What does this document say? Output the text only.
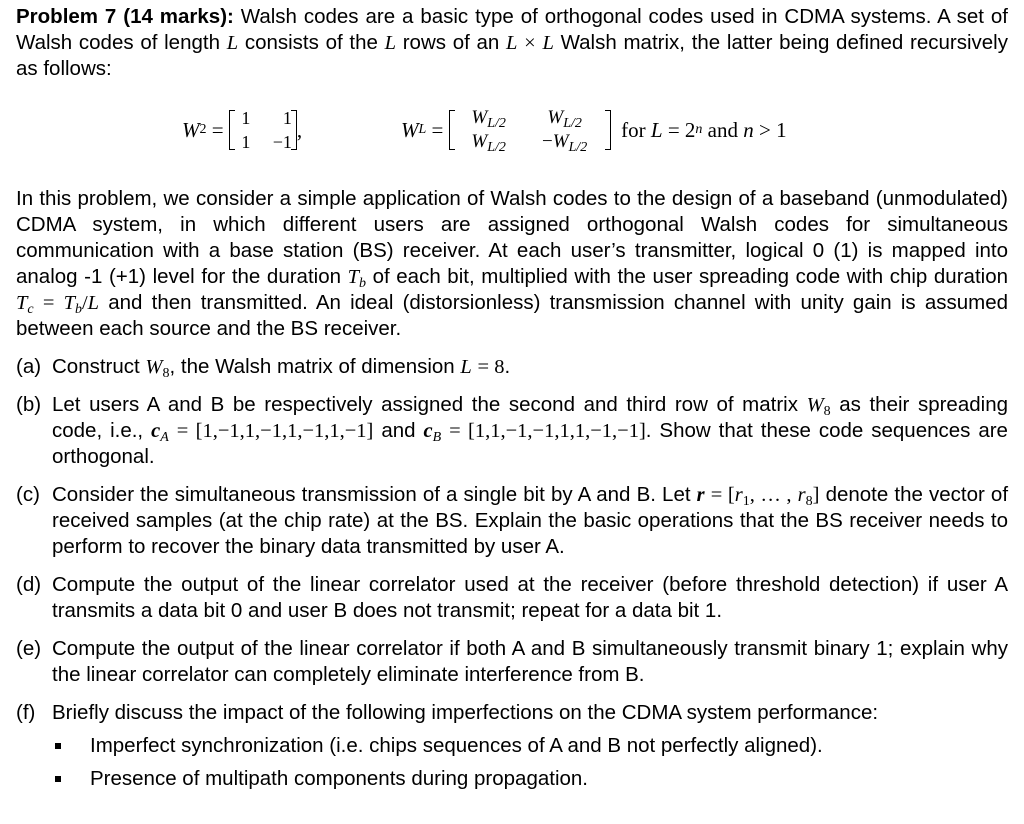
Problem 7 (14 marks): Walsh codes are a basic type of orthogonal codes used in CDMA systems. A set of Walsh codes of length L consists of the L rows of an L × L Walsh matrix, the latter being defined recursively as follows:

W 2 = 1 1
1 −1 ,	W L =
$W_{L/2}$ $W_{L/2}$
$W_{L/2} -W_{L/2}$
for L = 2 n and n > 1

In this problem, we consider a simple application of Walsh codes to the design of a baseband (unmodulated) CDMA system, in which different users are assigned orthogonal Walsh codes for simultaneous communication with a base station (BS) receiver. At each user’s transmitter, logical 0 (1) is mapped into analog -1 (+1) level for the duration $T_b$ of each bit, multiplied with the user spreading code with chip duration $T_c = T_b/L$ and then transmitted. An ideal (distorsionless) transmission channel with unity gain is assumed between each source and the BS receiver.

(a) Construct $W_8$, the Walsh matrix of dimension L = 8.
(b) Let users A and B be respectively assigned the second and third row of matrix $W_8$ as their spreading code, i.e., $c_A = [1,-1,1,-1,1,-1,1,-1]$ and $c_B = [1,1,-1,-1,1,1,-1,-1]$. Show that these code sequences are orthogonal.
(c) Consider the simultaneous transmission of a single bit by A and B. Let $r = [r_1$, … , $r_8$] denote the vector of received samples (at the chip rate) at the BS. Explain the basic operations that the BS receiver needs to perform to recover the binary data transmitted by user A.
(d) Compute the output of the linear correlator used at the receiver (before threshold detection) if user A transmits a data bit 0 and user B does not transmit; repeat for a data bit 1.
(e) Compute the output of the linear correlator if both A and B simultaneously transmit binary 1; explain why the linear correlator can completely eliminate interference from B.
(f) Briefly discuss the impact of the following imperfections on the CDMA system performance:
Imperfect synchronization (i.e. chips sequences of A and B not perfectly aligned).
Presence of multipath components during propagation.
